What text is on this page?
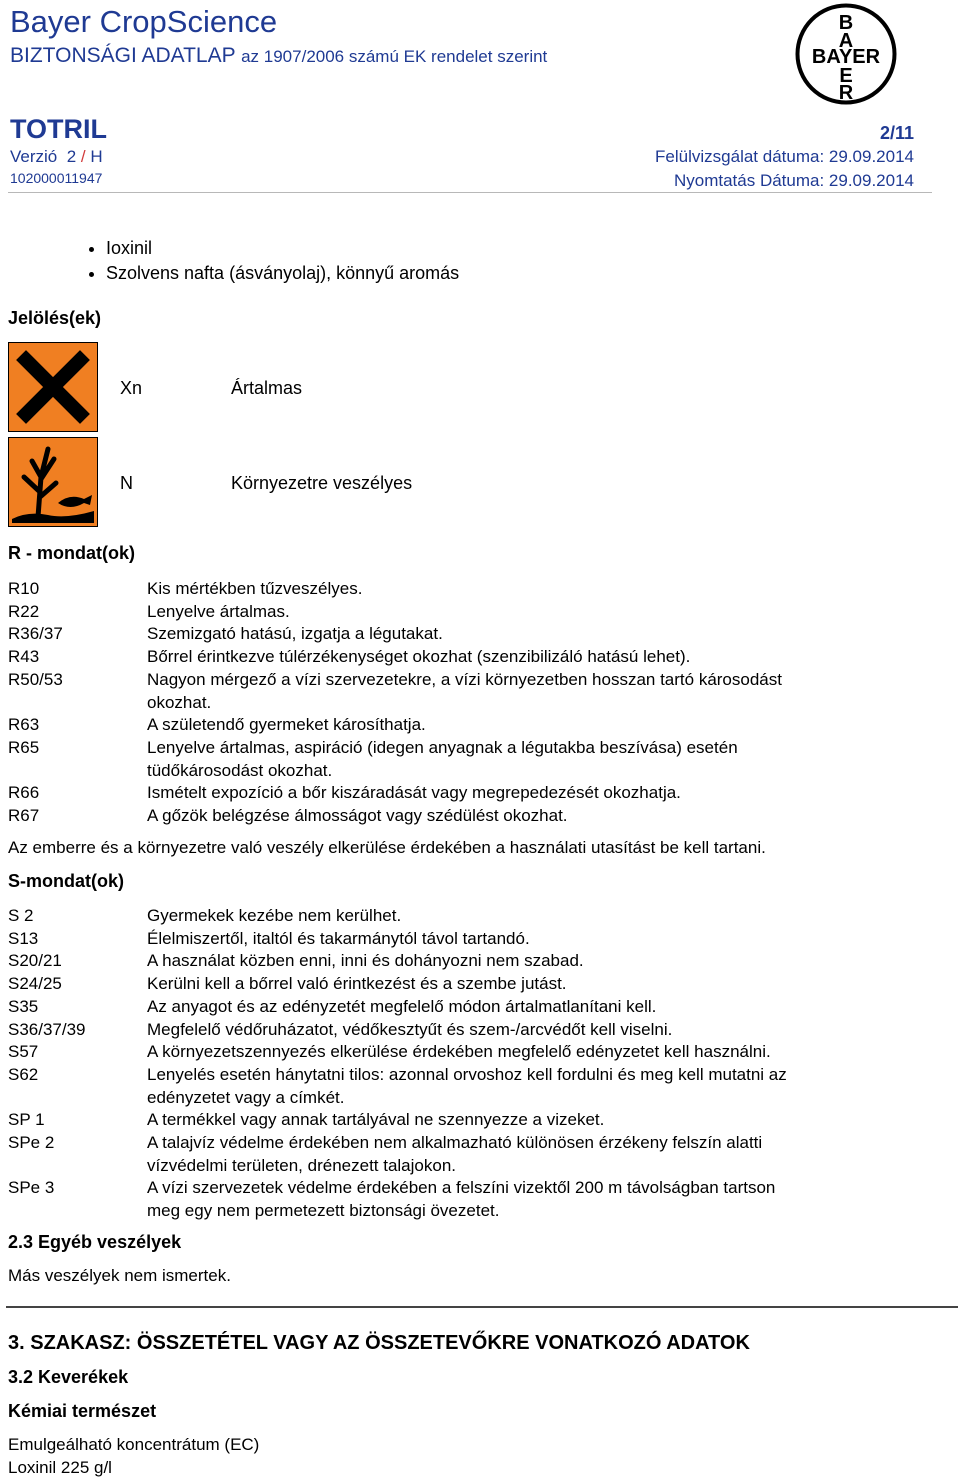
Bayer CropScience
BIZTONSÁGI ADATLAP az 1907/2006 számú EK rendelet szerint
B
A
BAYER
E
R
TOTRIL	2/11
Verzió 2 / H
102000011947
Felülvizsgálat dátuma: 29.09.2014
Nyomtatás Dátuma: 29.09.2014
• Ioxinil
• Szolvens nafta (ásványolaj), könnyű aromás
Jelölés(ek)
Xn	Ártalmas
N	Környezetre veszélyes
R - mondat(ok)
R10	Kis mértékben tűzveszélyes.
R22	Lenyelve ártalmas.
R36/37	Szemizgató hatású, izgatja a légutakat.
R43	Bőrrel érintkezve túlérzékenységet okozhat (szenzibilizáló hatású lehet).
R50/53	Nagyon mérgező a vízi szervezetekre, a vízi környezetben hosszan tartó károsodást
okozhat.
R63	A születendő gyermeket károsíthatja.
R65	Lenyelve ártalmas, aspiráció (idegen anyagnak a légutakba beszívása) esetén
tüdőkárosodást okozhat.
R66	Ismételt expozíció a bőr kiszáradását vagy megrepedezését okozhatja.
R67	A gőzök belégzése álmosságot vagy szédülést okozhat.
Az emberre és a környezetre való veszély elkerülése érdekében a használati utasítást be kell tartani.
S-mondat(ok)
S 2	Gyermekek kezébe nem kerülhet.
S13	Élelmiszertől, italtól és takarmánytól távol tartandó.
S20/21	A használat közben enni, inni és dohányozni nem szabad.
S24/25	Kerülni kell a bőrrel való érintkezést és a szembe jutást.
S35	Az anyagot és az edényzetét megfelelő módon ártalmatlanítani kell.
S36/37/39	Megfelelő védőruházatot, védőkesztyűt és szem-/arcvédőt kell viselni.
S57	A környezetszennyezés elkerülése érdekében megfelelő edényzetet kell használni.
S62	Lenyelés esetén hánytatni tilos: azonnal orvoshoz kell fordulni és meg kell mutatni az
edényzetet vagy a címkét.
SP 1	A termékkel vagy annak tartályával ne szennyezze a vizeket.
SPe 2	A talajvíz védelme érdekében nem alkalmazható különösen érzékeny felszín alatti
vízvédelmi területen, drénezett talajokon.
SPe 3	A vízi szervezetek védelme érdekében a felszíni vizektől 200 m távolságban tartson
meg egy nem permetezett biztonsági övezetet.
2.3 Egyéb veszélyek
Más veszélyek nem ismertek.
3. SZAKASZ: ÖSSZETÉTEL VAGY AZ ÖSSZETEVŐKRE VONATKOZÓ ADATOK
3.2 Keverékek
Kémiai természet
Emulgeálható koncentrátum (EC)
Loxinil 225 g/l
